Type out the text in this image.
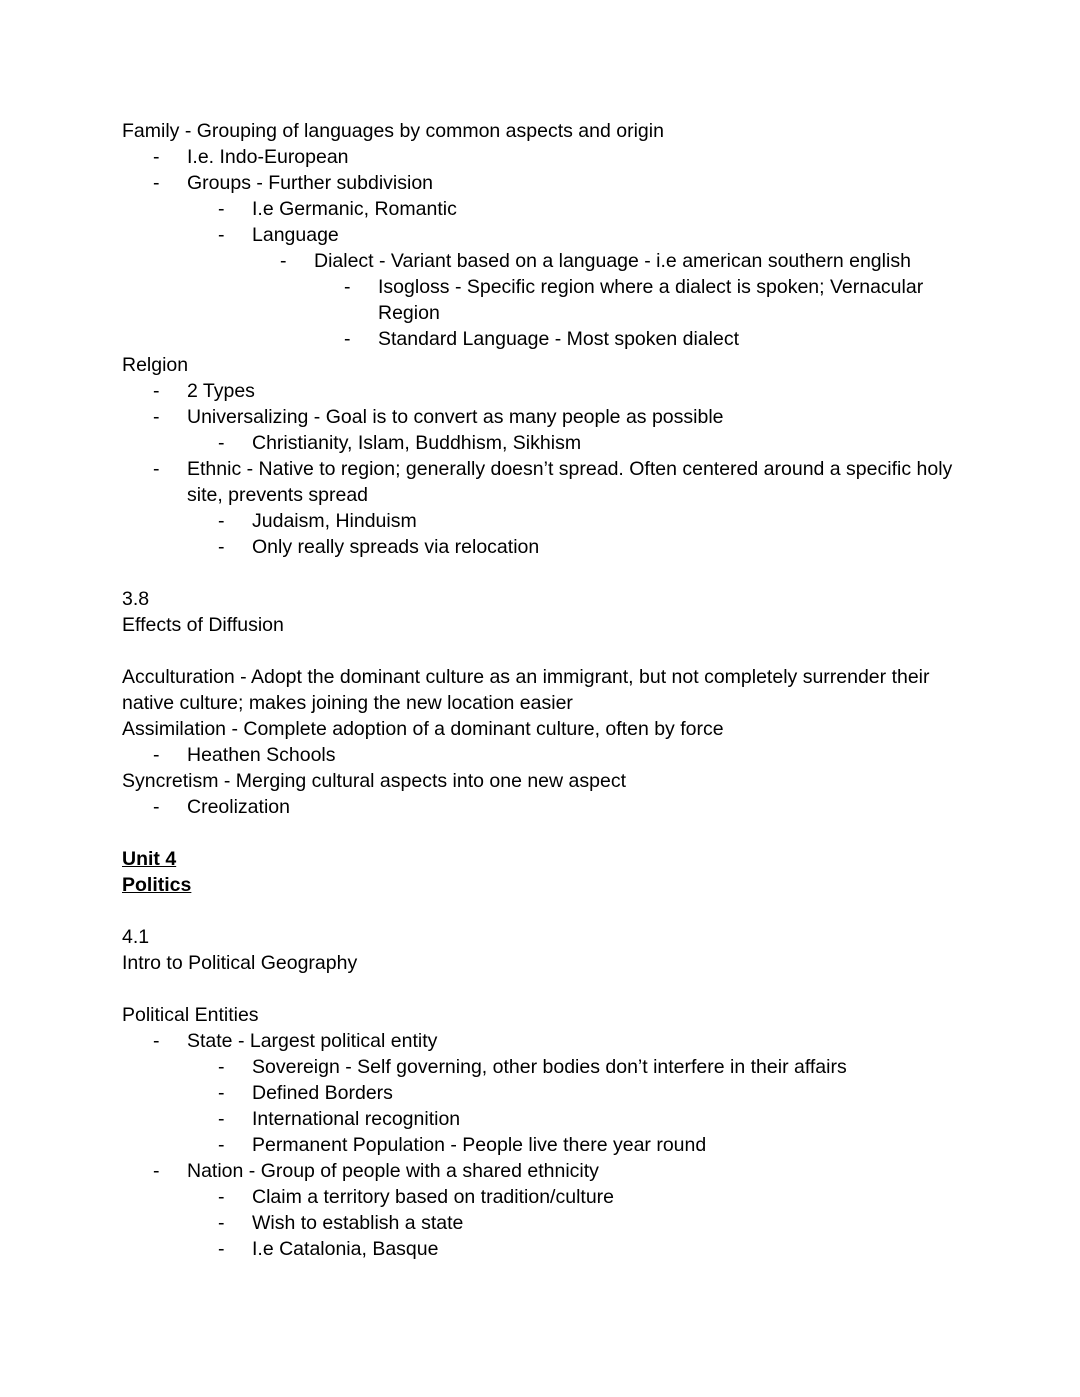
Family - Grouping of languages by common aspects and origin
-	I.e. Indo-European
-	Groups - Further subdivision
-	I.e Germanic, Romantic
-	Language
-	Dialect - Variant based on a language - i.e american southern english
-	Isogloss - Specific region where a dialect is spoken; Vernacular Region
-	Standard Language - Most spoken dialect
Relgion
-	2 Types
-	Universalizing - Goal is to convert as many people as possible
-	Christianity, Islam, Buddhism, Sikhism
-	Ethnic - Native to region; generally doesn’t spread. Often centered around a specific holy site, prevents spread
-	Judaism, Hinduism
-	Only really spreads via relocation
3.8
Effects of Diffusion
Acculturation - Adopt the dominant culture as an immigrant, but not completely surrender their native culture; makes joining the new location easier
Assimilation - Complete adoption of a dominant culture, often by force
-	Heathen Schools
Syncretism - Merging cultural aspects into one new aspect
-	Creolization
Unit 4
Politics
4.1
Intro to Political Geography
Political Entities
-	State - Largest political entity
-	Sovereign - Self governing, other bodies don’t interfere in their affairs
-	Defined Borders
-	International recognition
-	Permanent Population - People live there year round
-	Nation - Group of people with a shared ethnicity
-	Claim a territory based on tradition/culture
-	Wish to establish a state
-	I.e Catalonia, Basque
